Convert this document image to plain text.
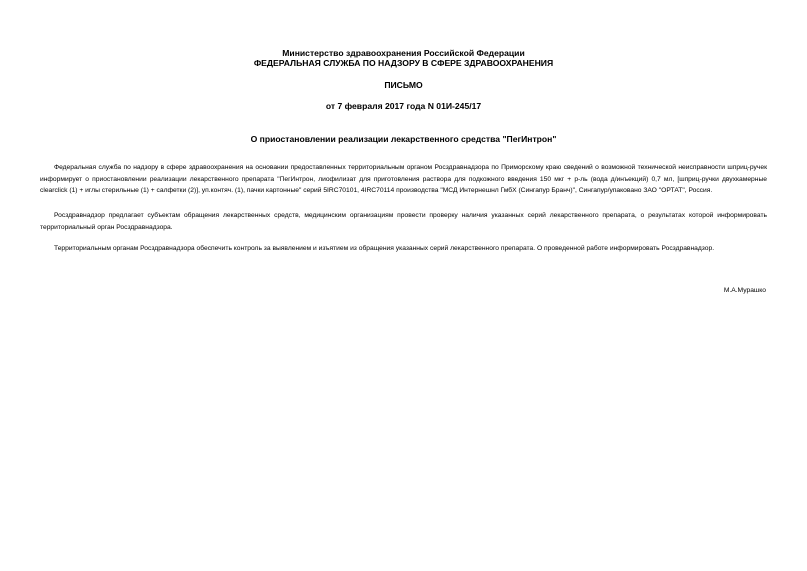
Министерство здравоохранения Российской Федерации
ФЕДЕРАЛЬНАЯ СЛУЖБА ПО НАДЗОРУ В СФЕРЕ ЗДРАВООХРАНЕНИЯ
ПИСЬМО
от 7 февраля 2017 года N 01И-245/17
О приостановлении реализации лекарственного средства "ПегИнтрон"

Федеральная служба по надзору в сфере здравоохранения на основании предоставленных территориальным органом Росздравнадзора по Приморскому краю сведений о возможной технической неисправности шприц-ручек информирует о приостановлении реализации лекарственного препарата "ПегИнтрон, лиофилизат для приготовления раствора для подкожного введения 150 мкг + р-ль (вода д/инъекций) 0,7 мл, [шприц-ручки двухкамерные clearclick (1) + иглы стерильные (1) + салфетки (2)], уп.контяч. (1), пачки картонные" серий 5IRC70101, 4IRC70114 производства "МСД Интернешнл ГмбХ (Сингапур Бранч)", Сингапур/упаковано ЗАО "ОРТАТ", Россия.

Росздравнадзор предлагает субъектам обращения лекарственных средств, медицинским организациям провести проверку наличия указанных серий лекарственного препарата, о результатах которой информировать территориальный орган Росздравнадзора.

Территориальным органам Росздравнадзора обеспечить контроль за выявлением и изъятием из обращения указанных серий лекарственного препарата. О проведенной работе информировать Росздравнадзор.

М.А.Мурашко
